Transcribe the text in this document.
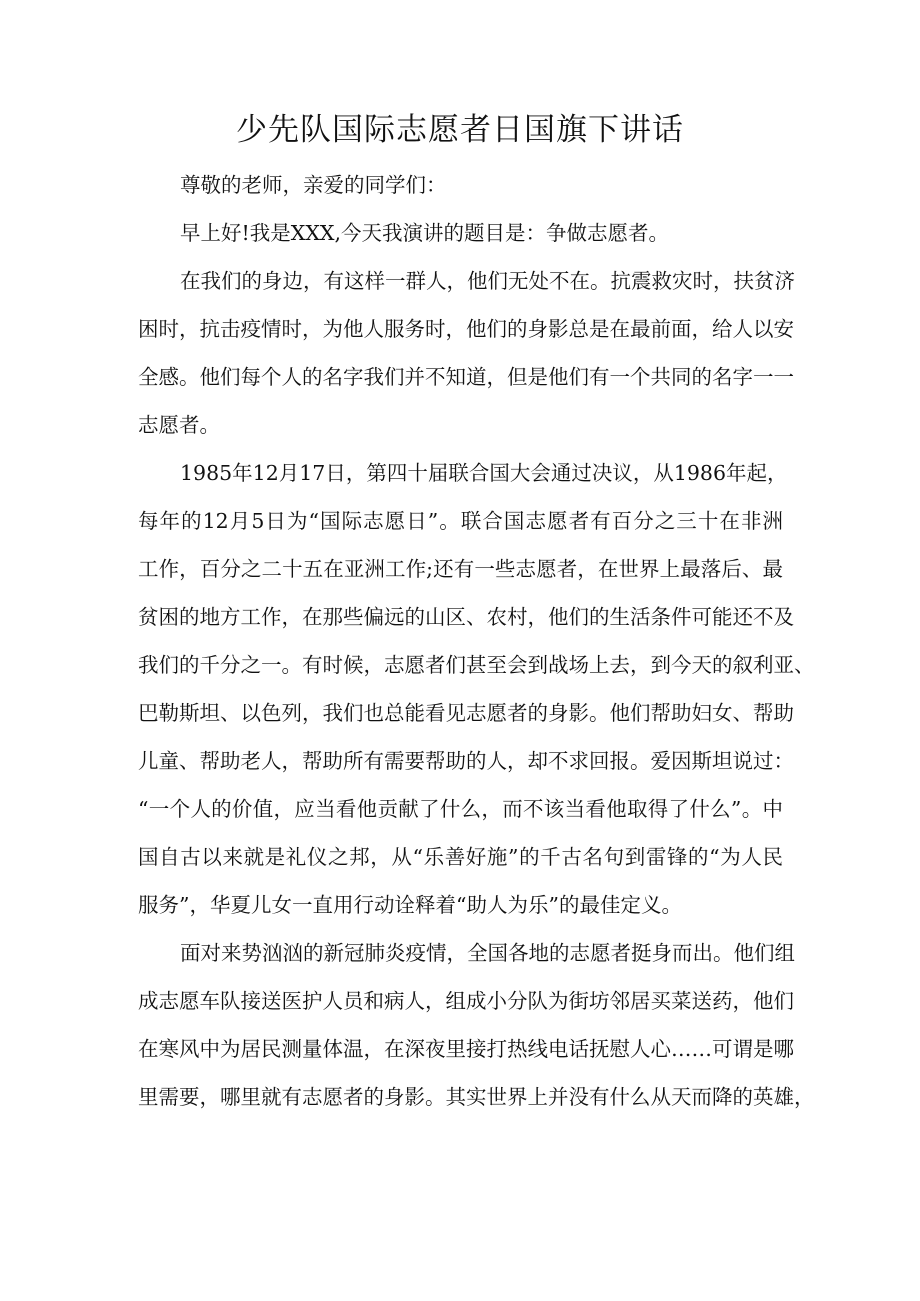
少先队国际志愿者日国旗下讲话

尊敬的老师，亲爱的同学们：

早上好!我是XXX,今天我演讲的题目是：争做志愿者。

在我们的身边，有这样一群人，他们无处不在。抗震救灾时，扶贫济

困时，抗击疫情时，为他人服务时，他们的身影总是在最前面，给人以安

全感。他们每个人的名字我们并不知道，但是他们有一个共同的名字一一

志愿者。

1985年12月17日，第四十届联合国大会通过决议，从1986年起，

每年的12月5日为“国际志愿日”。联合国志愿者有百分之三十在非洲

工作，百分之二十五在亚洲工作;还有一些志愿者，在世界上最落后、最

贫困的地方工作，在那些偏远的山区、农村，他们的生活条件可能还不及

我们的千分之一。有时候，志愿者们甚至会到战场上去，到今天的叙利亚、

巴勒斯坦、以色列，我们也总能看见志愿者的身影。他们帮助妇女、帮助

儿童、帮助老人，帮助所有需要帮助的人，却不求回报。爱因斯坦说过：

“一个人的价值，应当看他贡献了什么，而不该当看他取得了什么”。中

国自古以来就是礼仪之邦，从“乐善好施”的千古名句到雷锋的“为人民

服务”，华夏儿女一直用行动诠释着“助人为乐”的最佳定义。

面对来势汹汹的新冠肺炎疫情，全国各地的志愿者挺身而出。他们组

成志愿车队接送医护人员和病人，组成小分队为街坊邻居买菜送药，他们

在寒风中为居民测量体温，在深夜里接打热线电话抚慰人心……可谓是哪

里需要，哪里就有志愿者的身影。其实世界上并没有什么从天而降的英雄，
